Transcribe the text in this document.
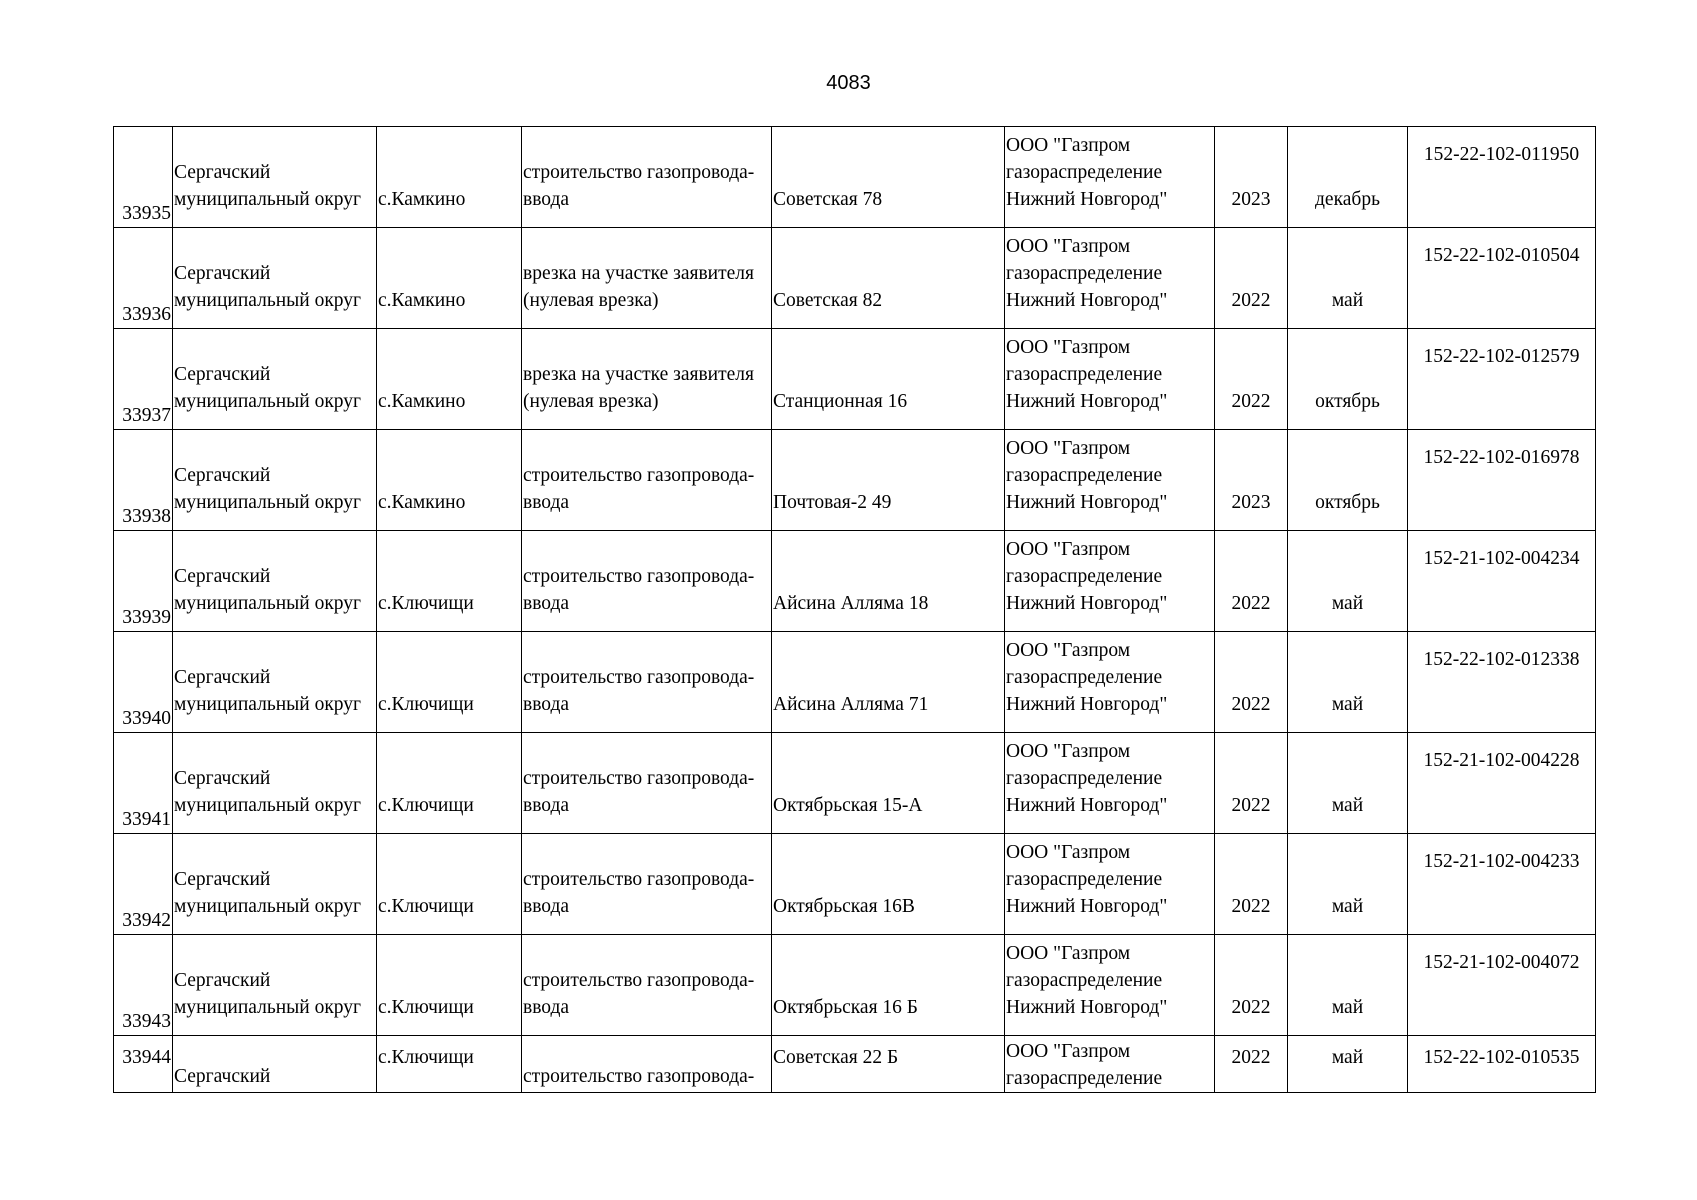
4083
33935	Сергачский
муниципальный округ	с.Камкино	строительство газопровода-
ввода	Советская 78	ООО "Газпром
газораспределение
Нижний Новгород"	2023	декабрь	152-22-102-011950

33936	Сергачский
муниципальный округ	с.Камкино	врезка на участке заявителя
(нулевая врезка)	Советская 82	ООО "Газпром
газораспределение
Нижний Новгород"	2022	май	152-22-102-010504

33937	Сергачский
муниципальный округ	с.Камкино	врезка на участке заявителя
(нулевая врезка)	Станционная 16	ООО "Газпром
газораспределение
Нижний Новгород"	2022	октябрь	152-22-102-012579

33938	Сергачский
муниципальный округ	с.Камкино	строительство газопровода-
ввода	Почтовая-2 49	ООО "Газпром
газораспределение
Нижний Новгород"	2023	октябрь	152-22-102-016978

33939	Сергачский
муниципальный округ	с.Ключищи	строительство газопровода-
ввода	Айсина Алляма 18	ООО "Газпром
газораспределение
Нижний Новгород"	2022	май	152-21-102-004234

33940	Сергачский
муниципальный округ	с.Ключищи	строительство газопровода-
ввода	Айсина Алляма 71	ООО "Газпром
газораспределение
Нижний Новгород"	2022	май	152-22-102-012338

33941	Сергачский
муниципальный округ	с.Ключищи	строительство газопровода-
ввода	Октябрьская 15-А	ООО "Газпром
газораспределение
Нижний Новгород"	2022	май	152-21-102-004228

33942	Сергачский
муниципальный округ	с.Ключищи	строительство газопровода-
ввода	Октябрьская 16В	ООО "Газпром
газораспределение
Нижний Новгород"	2022	май	152-21-102-004233

33943	Сергачский
муниципальный округ	с.Ключищи	строительство газопровода-
ввода	Октябрьская 16 Б	ООО "Газпром
газораспределение
Нижний Новгород"	2022	май	152-21-102-004072

33944	Сергачский	с.Ключищи	строительство газопровода-	Советская 22 Б	ООО "Газпром
газораспределение	2022	май	152-22-102-010535
